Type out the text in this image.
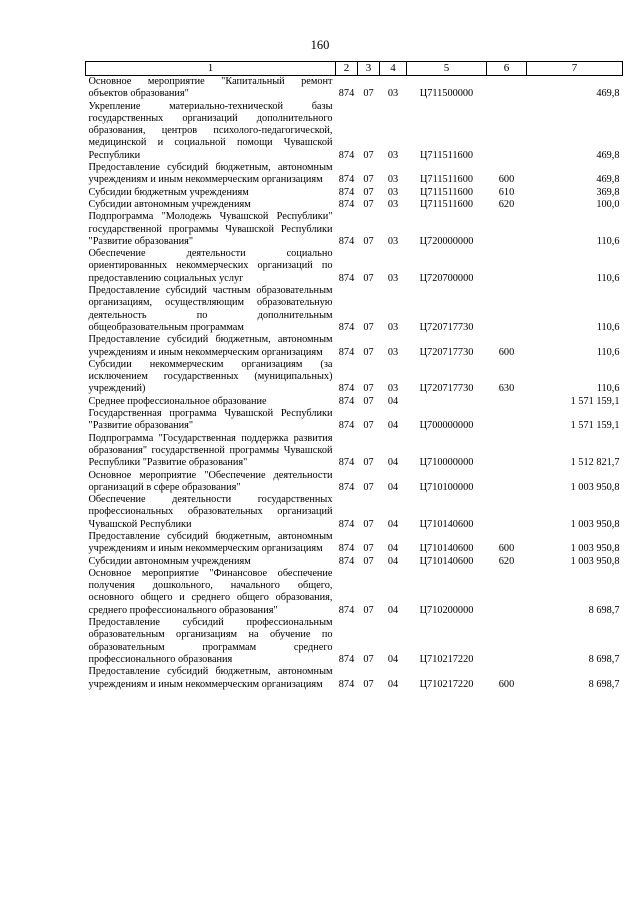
160
1	2	3	4	5	6	7
Основное мероприятие "Капитальный ремонт объектов образования"	874	07	03	Ц711500000		469,8
Укрепление материально-технической базы государственных организаций дополнительного образования, центров психолого-педагогической, медицинской и социальной помощи Чувашской Республики	874	07	03	Ц711511600		469,8
Предоставление субсидий бюджетным, автономным учреждениям и иным некоммерческим организациям	874	07	03	Ц711511600	600	469,8
Субсидии бюджетным учреждениям	874	07	03	Ц711511600	610	369,8
Субсидии автономным учреждениям	874	07	03	Ц711511600	620	100,0
Подпрограмма "Молодежь Чувашской Республики" государственной программы Чувашской Республики "Развитие образования"	874	07	03	Ц720000000		110,6
Обеспечение деятельности социально ориентированных некоммерческих организаций по предоставлению социальных услуг	874	07	03	Ц720700000		110,6
Предоставление субсидий частным образовательным организациям, осуществляющим образовательную деятельность по дополнительным общеобразовательным программам	874	07	03	Ц720717730		110,6
Предоставление субсидий бюджетным, автономным учреждениям и иным некоммерческим организациям	874	07	03	Ц720717730	600	110,6
Субсидии некоммерческим организациям (за исключением государственных (муниципальных) учреждений)	874	07	03	Ц720717730	630	110,6
Среднее профессиональное образование	874	07	04			1 571 159,1
Государственная программа Чувашской Республики "Развитие образования"	874	07	04	Ц700000000		1 571 159,1
Подпрограмма "Государственная поддержка развития образования" государственной программы Чувашской Республики "Развитие образования"	874	07	04	Ц710000000		1 512 821,7
Основное мероприятие "Обеспечение деятельности организаций в сфере образования"	874	07	04	Ц710100000		1 003 950,8
Обеспечение деятельности государственных профессиональных образовательных организаций Чувашской Республики	874	07	04	Ц710140600		1 003 950,8
Предоставление субсидий бюджетным, автономным учреждениям и иным некоммерческим организациям	874	07	04	Ц710140600	600	1 003 950,8
Субсидии автономным учреждениям	874	07	04	Ц710140600	620	1 003 950,8
Основное мероприятие "Финансовое обеспечение получения дошкольного, начального общего, основного общего и среднего общего образования, среднего профессионального образования"	874	07	04	Ц710200000		8 698,7
Предоставление субсидий профессиональным образовательным организациям на обучение по образовательным программам среднего профессионального образования	874	07	04	Ц710217220		8 698,7
Предоставление субсидий бюджетным, автономным учреждениям и иным некоммерческим организациям	874	07	04	Ц710217220	600	8 698,7
